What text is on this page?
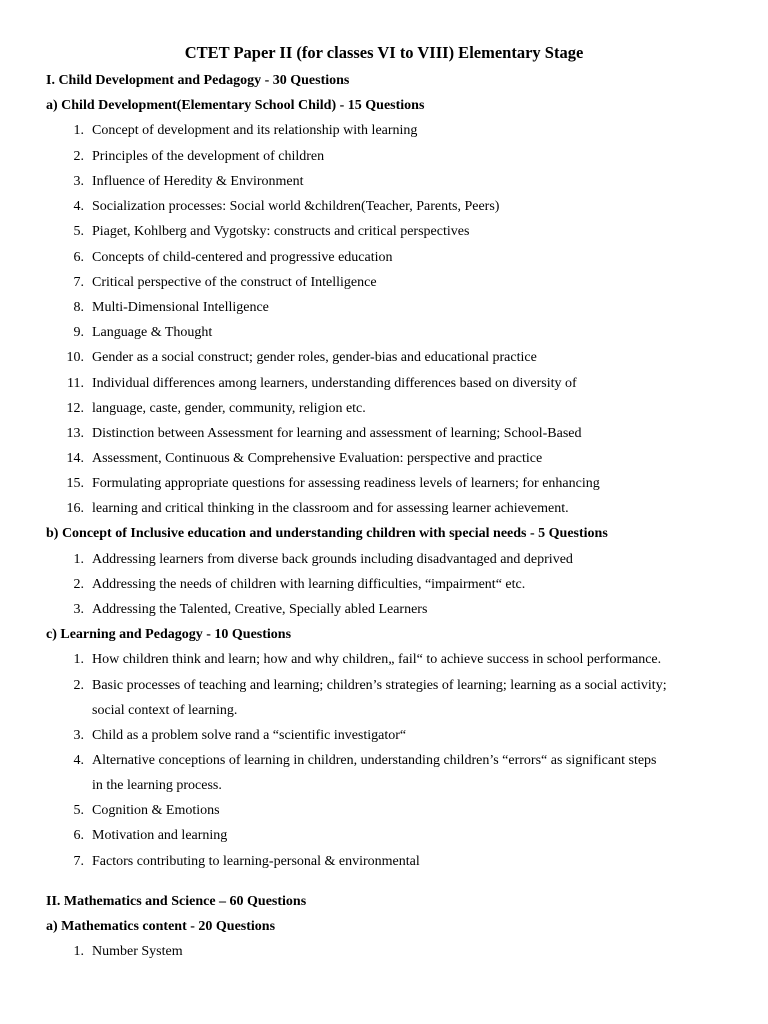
CTET Paper II (for classes VI to VIII) Elementary Stage
I. Child Development and Pedagogy - 30 Questions
a) Child Development(Elementary School Child) - 15 Questions
1. Concept of development and its relationship with learning
2. Principles of the development of children
3. Influence of Heredity & Environment
4. Socialization processes: Social world &children(Teacher, Parents, Peers)
5. Piaget, Kohlberg and Vygotsky: constructs and critical perspectives
6. Concepts of child-centered and progressive education
7. Critical perspective of the construct of Intelligence
8. Multi-Dimensional Intelligence
9. Language & Thought
10. Gender as a social construct; gender roles, gender-bias and educational practice
11. Individual differences among learners, understanding differences based on diversity of
12. language, caste, gender, community, religion etc.
13. Distinction between Assessment for learning and assessment of learning; School-Based
14. Assessment, Continuous & Comprehensive Evaluation: perspective and practice
15. Formulating appropriate questions for assessing readiness levels of learners; for enhancing
16. learning and critical thinking in the classroom and for assessing learner achievement.
b) Concept of Inclusive education and understanding children with special needs - 5 Questions
1. Addressing learners from diverse back grounds including disadvantaged and deprived
2. Addressing the needs of children with learning difficulties, “impairment“ etc.
3. Addressing the Talented, Creative, Specially abled Learners
c) Learning and Pedagogy - 10 Questions
1. How children think and learn; how and why children„ fail“ to achieve success in school performance.
2. Basic processes of teaching and learning; children’s strategies of learning; learning as a social activity;
social context of learning.
3. Child as a problem solve rand a “scientific investigator“
4. Alternative conceptions of learning in children, understanding children’s “errors“ as significant steps
in the learning process.
5. Cognition & Emotions
6. Motivation and learning
7. Factors contributing to learning-personal & environmental
II. Mathematics and Science – 60 Questions
a) Mathematics content - 20 Questions
1. Number System
